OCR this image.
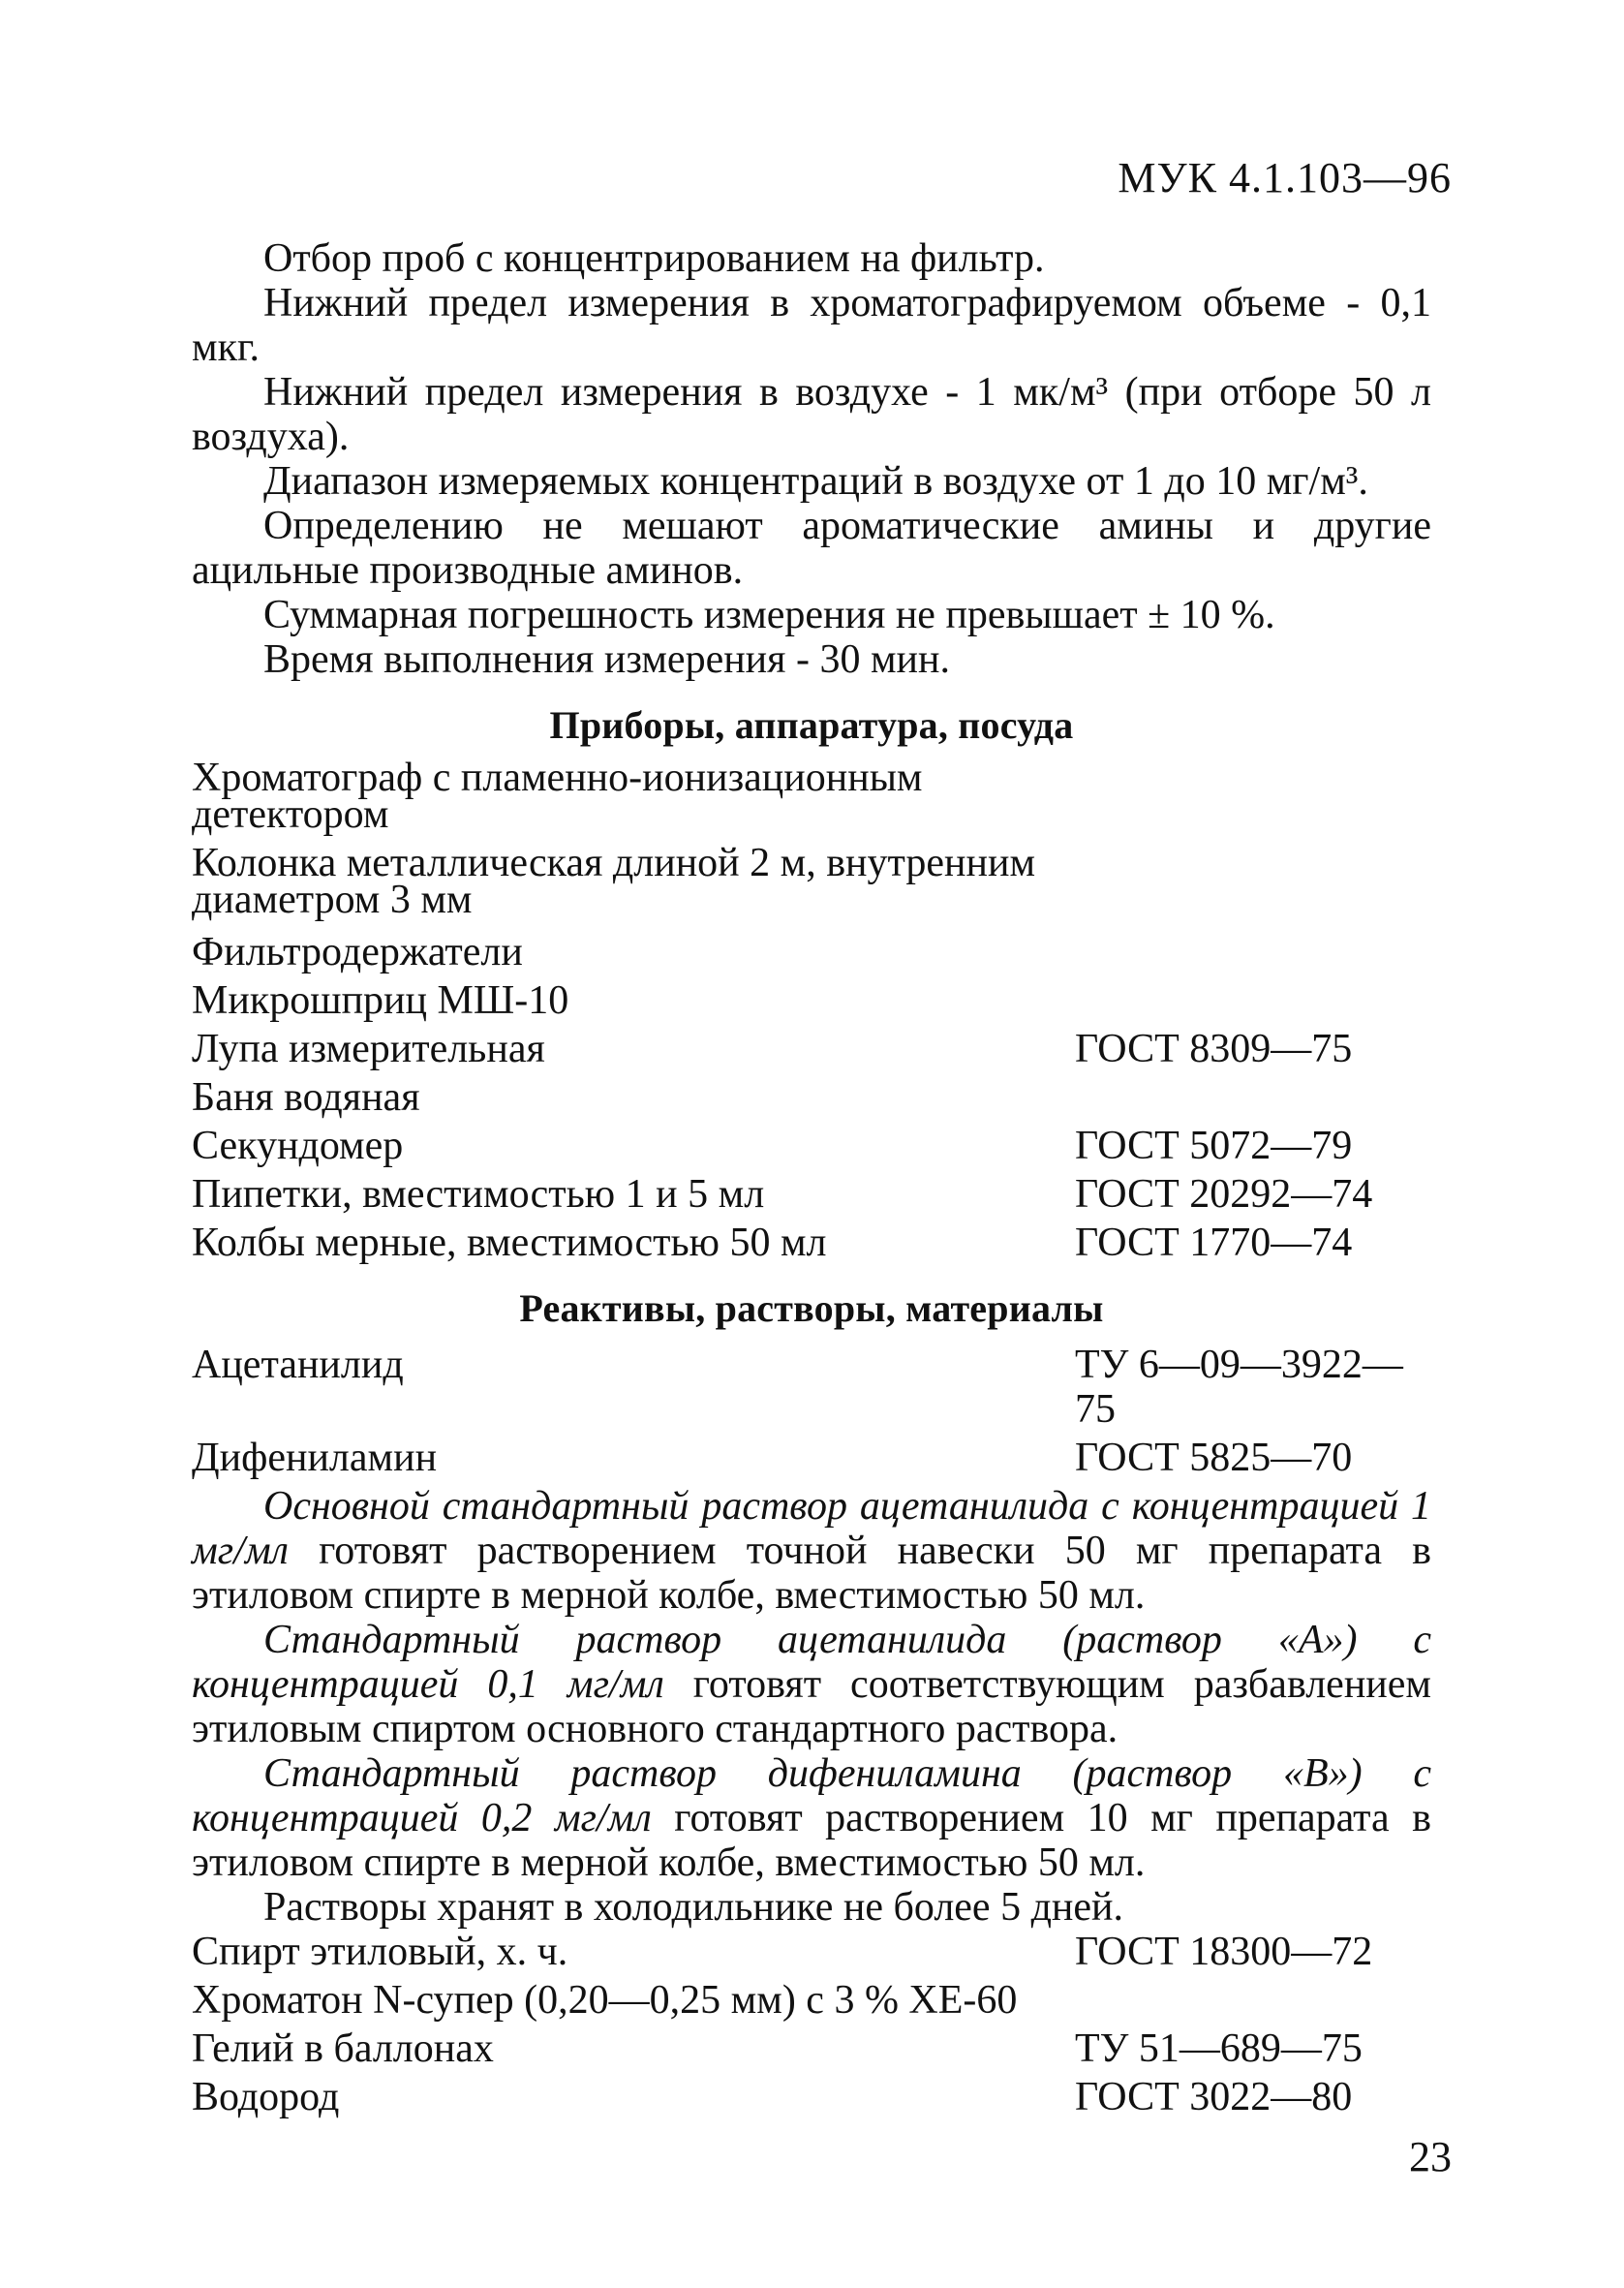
МУК 4.1.103—96

Отбор проб с концентрированием на фильтр.

Нижний предел измерения в хроматографируемом объеме - 0,1 мкг.

Нижний предел измерения в воздухе - 1 мк/м³ (при отборе 50 л воздуха).

Диапазон измеряемых концентраций в воздухе от 1 до 10 мг/м³.

Определению не мешают ароматические амины и другие ацильные производные аминов.

Суммарная погрешность измерения не превышает ± 10 %.

Время выполнения измерения - 30 мин.

Приборы, аппаратура, посуда
Хроматограф с пламенно-ионизационным детектором
Колонка металлическая длиной 2 м, внутренним диаметром 3 мм
Фильтродержатели
Микрошприц МШ-10
Лупа измерительная	ГОСТ 8309—75
Баня водяная
Секундомер	ГОСТ 5072—79
Пипетки, вместимостью 1 и 5 мл	ГОСТ 20292—74
Колбы мерные, вместимостью 50 мл	ГОСТ 1770—74
Реактивы, растворы, материалы
Ацетанилид	ТУ 6—09—3922—75
Дифениламин	ГОСТ 5825—70

Основной стандартный раствор ацетанилида с концентрацией 1 мг/мл готовят растворением точной навески 50 мг препарата в этиловом спирте в мерной колбе, вместимостью 50 мл.

Стандартный раствор ацетанилида (раствор «А») с концентрацией 0,1 мг/мл готовят соответствующим разбавлением этиловым спиртом основного стандартного раствора.

Стандартный раствор дифениламина (раствор «В») с концентрацией 0,2 мг/мл готовят растворением 10 мг препарата в этиловом спирте в мерной колбе, вместимостью 50 мл.

Растворы хранят в холодильнике не более 5 дней.

Спирт этиловый, х. ч.	ГОСТ 18300—72
Хроматон N-супер (0,20—0,25 мм) с 3 % ХЕ-60
Гелий в баллонах	ТУ 51—689—75
Водород	ГОСТ 3022—80
23
